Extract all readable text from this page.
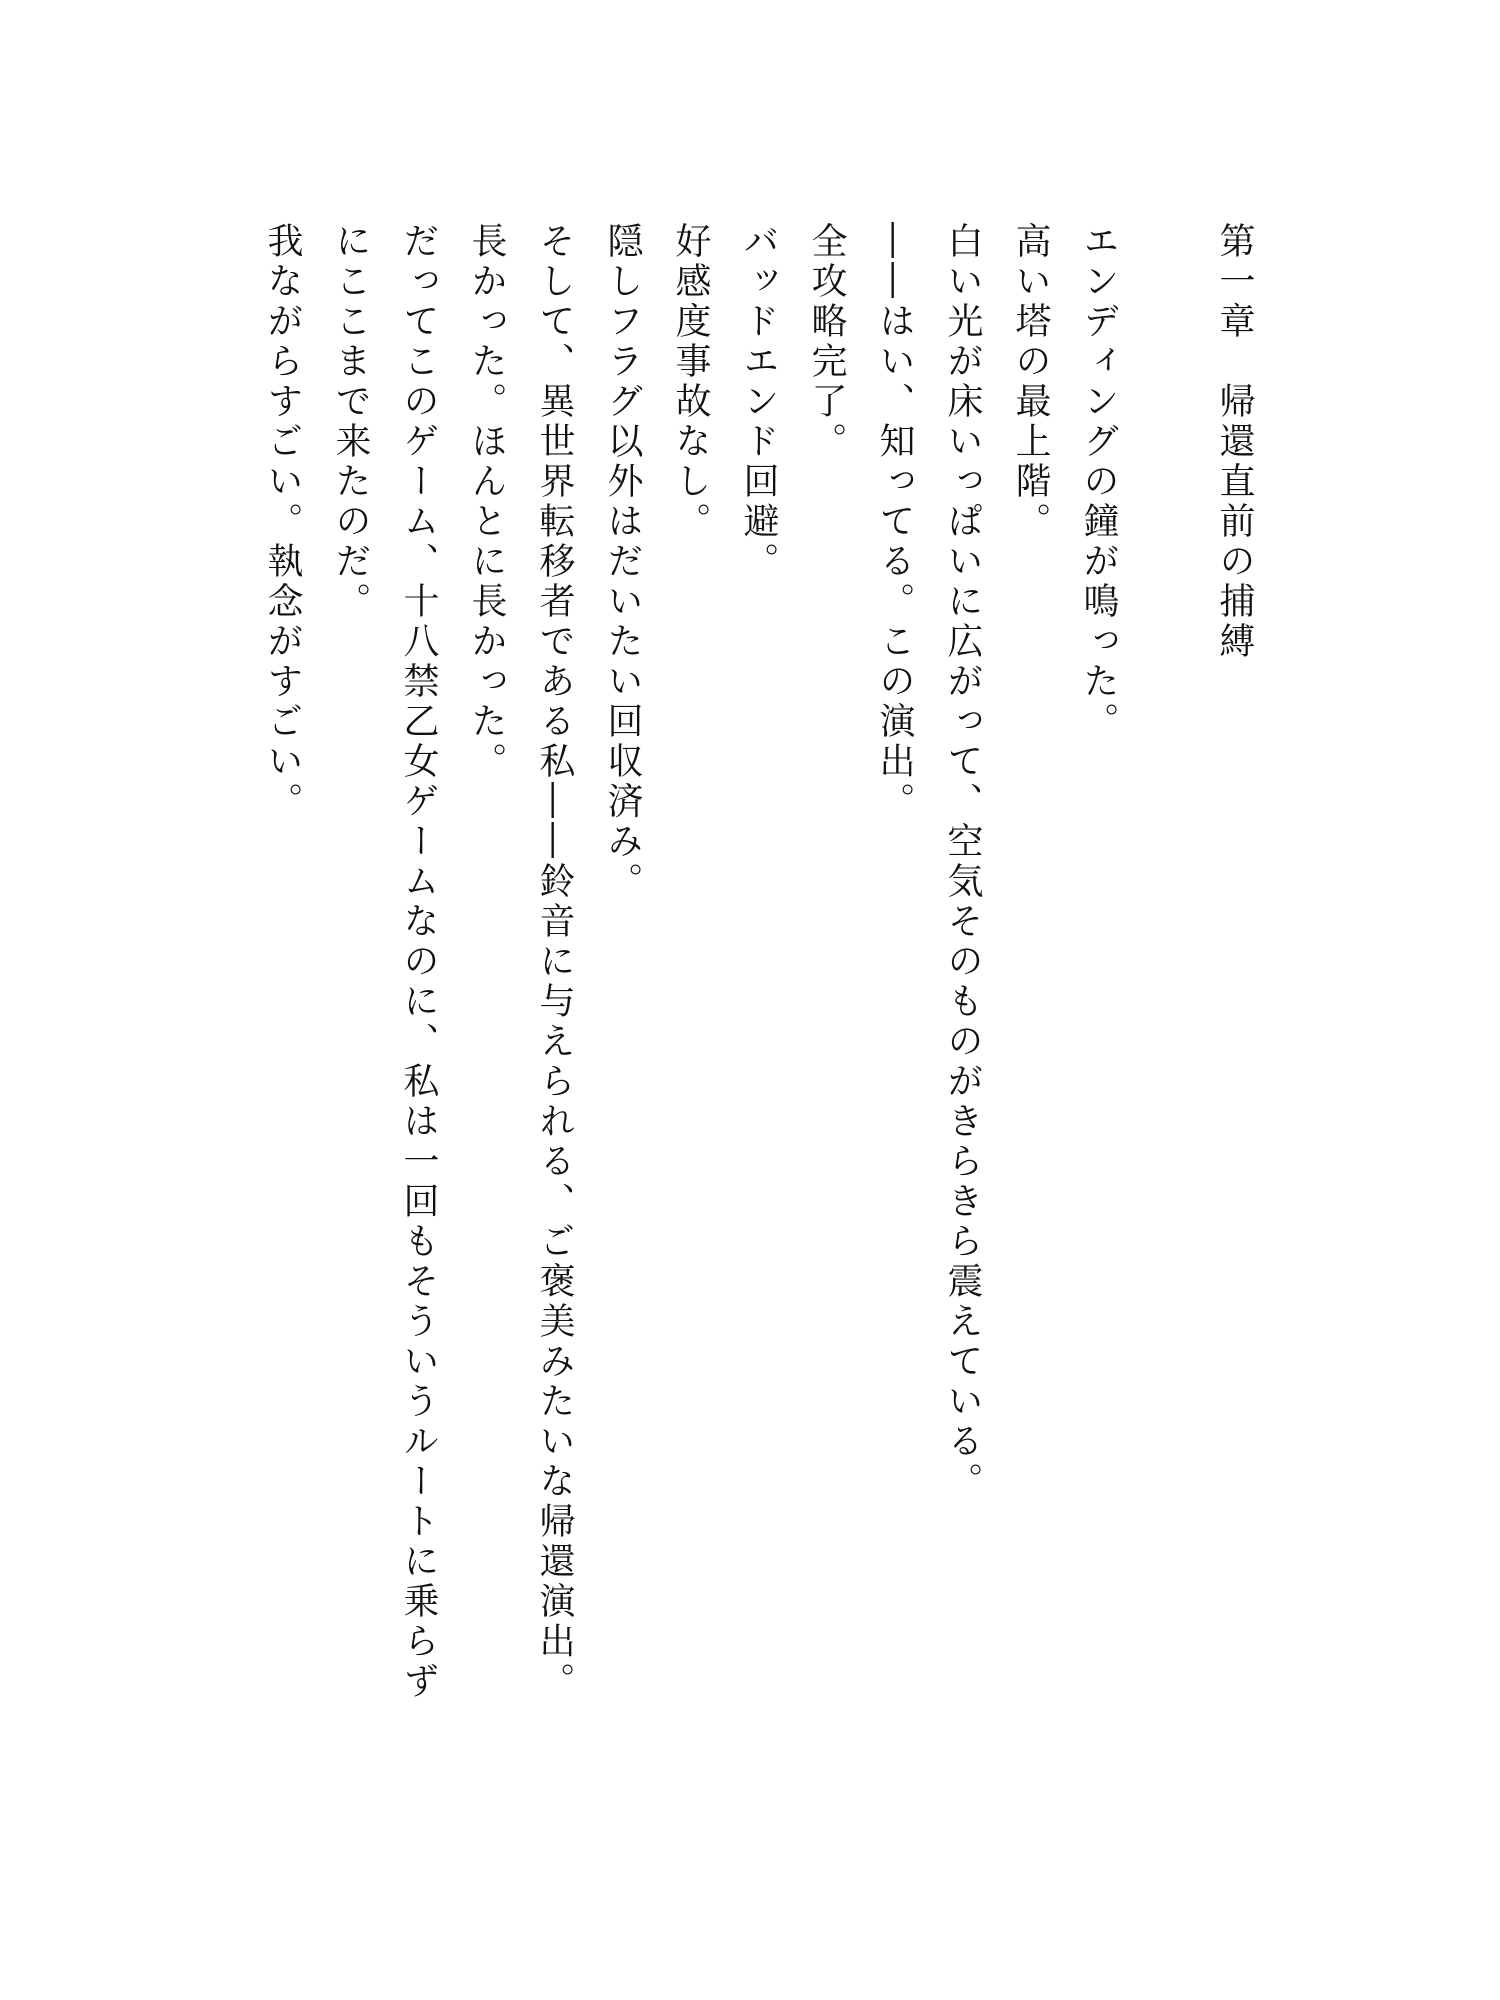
第一章　帰還直前の捕縛
エンディングの鐘が鳴った。
高い塔の最上階。
白い光が床いっぱいに広がって、空気そのものがきらきら震えている。
――はい、知ってる。この演出。
全攻略完了。
バッドエンド回避。
好感度事故なし。
隠しフラグ以外はだいたい回収済み。
そして、異世界転移者である私――鈴音に与えられる、ご褒美みたいな帰還演出。
長かった。ほんとに長かった。
だってこのゲーム、十八禁乙女ゲームなのに、私は一回もそういうルートに乗らずにここまで来たのだ。
我ながらすごい。執念がすごい。
